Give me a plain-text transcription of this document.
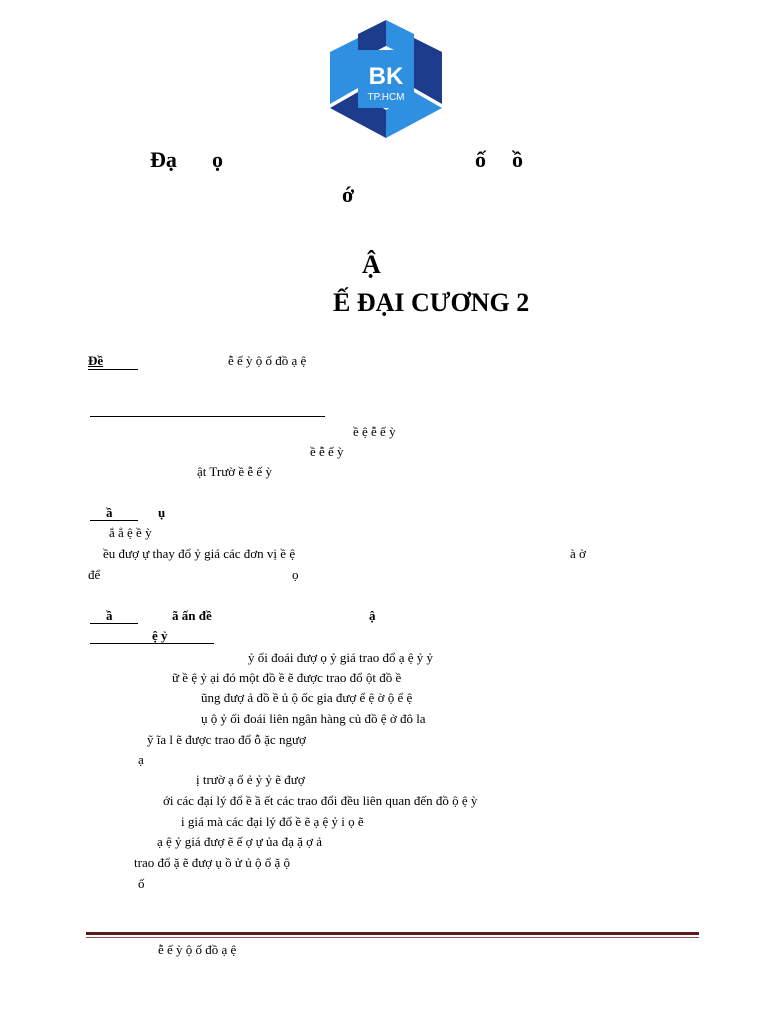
BK
TP.HCM
Đạ ọ	ố ồ
ớ
Ậ
Ế ĐẠI CƯƠNG 2
Đề	ễ ế ỳ ộ ố đồ ạ ệ
ề ệ ễ ế ỳ
ề ễ ế ỳ
ật Trườ ề ễ ế ỳ
ầ	ụ
ắ ẳ ệ ề ỳ
ều đượ ự thay đổ ỷ giá các đơn vị ề ệ	à ờ
để	ọ
ầ	ã ấn đề	ậ
ệ ỷ
ỷ ối đoái đượ ọ ỷ giá trao đổ ạ ệ ỷ ỷ
ữ ề ệ ỷ ại đó một đồ ề ẽ được trao đổ ột đồ ề
ũng đượ ả đồ ề ủ ộ ốc gia đượ ể ệ ờ ộ ể ệ
ụ ộ ỷ ối đoái liên ngân hàng củ đồ ệ ở đô la
ỹ ĩa l ẽ được trao đổ ỗ ặc ngượ
ạ
ị trườ ạ ố ẻ ỷ ỷ ẽ đượ
ới các đại lý đổ ề ầ ết các trao đổi đều liên quan đến đồ ộ ệ ỳ
i giá mà các đại lý đổ ề ẽ ạ ệ ỷ i ọ ẽ
ạ ệ ỷ giá đượ ẽ ế ợ ự ủa đạ ặ ợ ả
trao đổ ặ ẽ đượ ụ ồ ử ủ ộ ổ ặ ộ
ố
ễ ế ỳ ộ ố đồ ạ ệ
